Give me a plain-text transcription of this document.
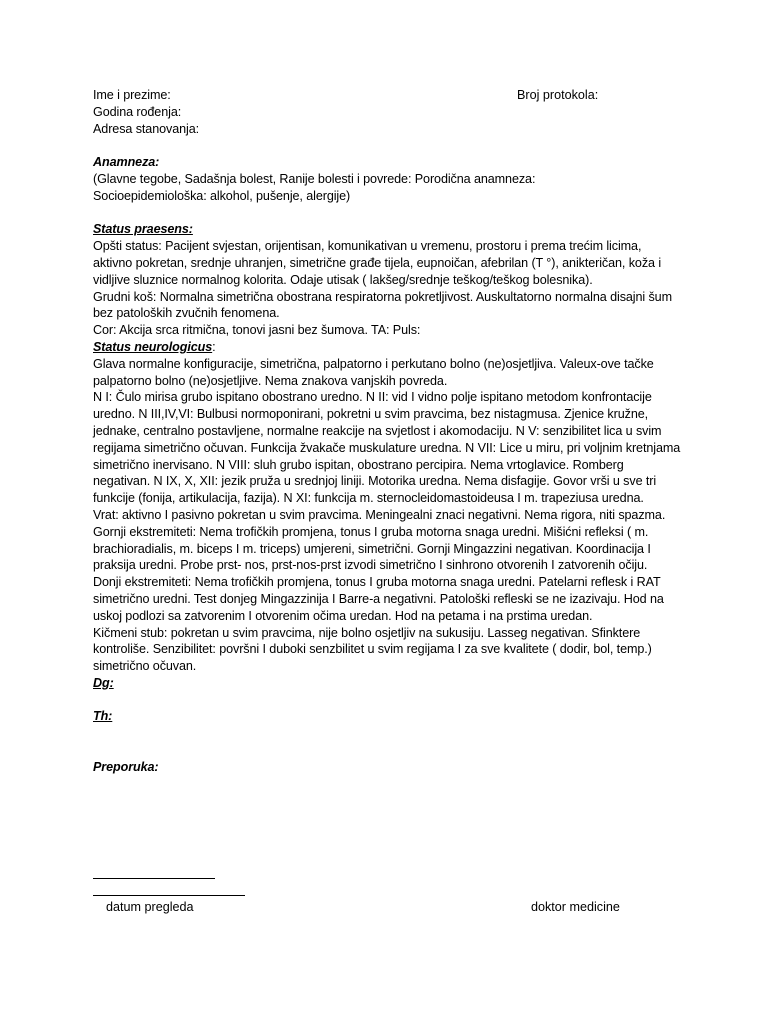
Broj protokola:
Ime i prezime:
Godina rođenja:
Adresa stanovanja:
Anamneza:
(Glavne tegobe, Sadašnja bolest, Ranije bolesti i povrede: Porodična anamneza:
Socioepidemiološka: alkohol, pušenje, alergije)
Status praesens:

Opšti status: Pacijent svjestan, orijentisan, komunikativan u vremenu, prostoru i prema trećim licima, aktivno pokretan, srednje uhranjen, simetrične građe tijela, eupnoičan, afebrilan (T °), anikteričan, koža i vidljive sluznice normalnog kolorita. Odaje utisak ( lakšeg/srednje teškog/teškog bolesnika).

Grudni koš: Normalna simetrična obostrana respiratorna pokretljivost. Auskultatorno normalna disajni šum bez patoloških zvučnih fenomena.

Cor: Akcija srca ritmična, tonovi jasni bez šumova. TA: Puls:

Status neurologicus:

Glava normalne konfiguracije, simetrična, palpatorno i perkutano bolno (ne)osjetljiva. Valeux-ove tačke palpatorno bolno (ne)osjetljive. Nema znakova vanjskih povreda.

N I: Čulo mirisa grubo ispitano obostrano uredno. N II: vid I vidno polje ispitano metodom konfrontacije uredno. N III,IV,VI: Bulbusi normoponirani, pokretni u svim pravcima, bez nistagmusa. Zjenice kružne, jednake, centralno postavljene, normalne reakcije na svjetlost i akomodaciju. N V: senzibilitet lica u svim regijama simetrično očuvan. Funkcija žvakače muskulature uredna. N VII: Lice u miru, pri voljnim kretnjama simetrično inervisano. N VIII: sluh grubo ispitan, obostrano percipira. Nema vrtoglavice. Romberg negativan. N IX, X, XII: jezik pruža u srednjoj liniji. Motorika uredna. Nema disfagije. Govor vrši u sve tri funkcije (fonija, artikulacija, fazija). N XI: funkcija m. sternocleidomastoideusa I m. trapeziusa uredna.

Vrat: aktivno I pasivno pokretan u svim pravcima. Meningealni znaci negativni. Nema rigora, niti spazma.

Gornji ekstremiteti: Nema trofičkih promjena, tonus I gruba motorna snaga uredni. Mišićni refleksi ( m. brachioradialis, m. biceps I m. triceps) umjereni, simetrični. Gornji Mingazzini negativan. Koordinacija I praksija uredni. Probe prst- nos, prst-nos-prst izvodi simetrično I sinhrono otvorenih I zatvorenih očiju.

Donji ekstremiteti: Nema trofičkih promjena, tonus I gruba motorna snaga uredni. Patelarni reflesk i RAT simetrično uredni. Test donjeg Mingazzinija I Barre-a negativni. Patološki refleski se ne izazivaju. Hod na uskoj podlozi sa zatvorenim I otvorenim očima uredan. Hod na petama i na prstima uredan.

Kičmeni stub: pokretan u svim pravcima, nije bolno osjetljiv na sukusiju. Lasseg negativan. Sfinktere kontroliše. Senzibilitet: površni I duboki senzbilitet u svim regijama I za sve kvalitete ( dodir, bol, temp.) simetrično očuvan.

Dg:
Th:
Preporuka:
datum pregleda	doktor medicine
